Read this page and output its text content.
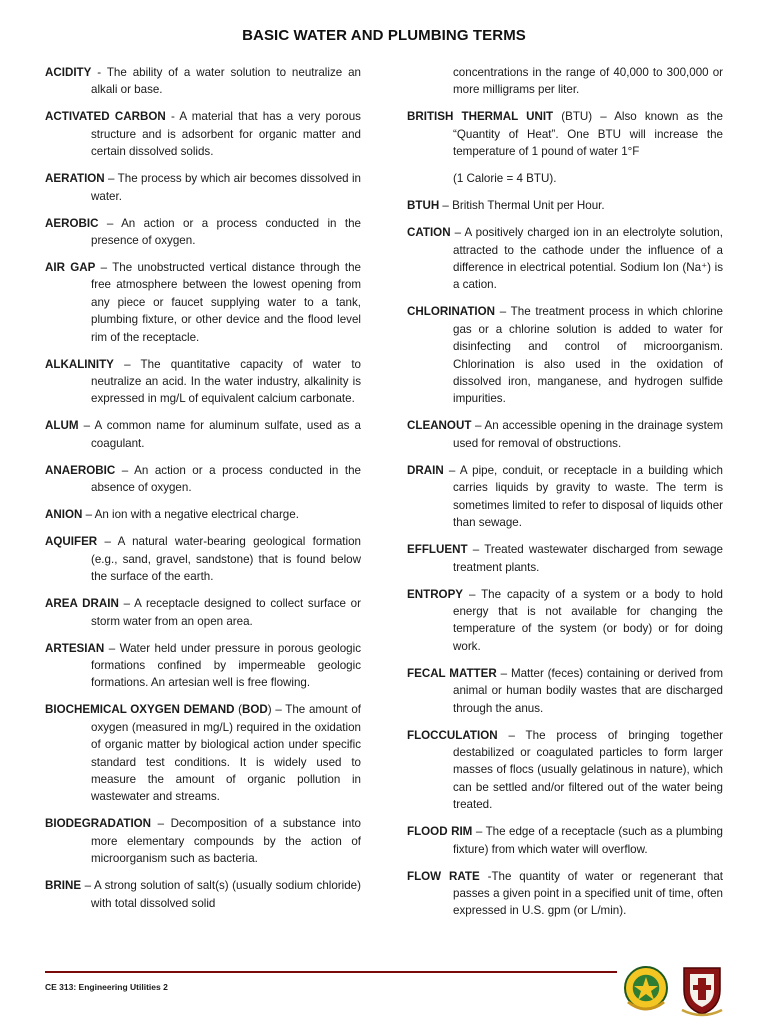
BASIC WATER AND PLUMBING TERMS

ACIDITY - The ability of a water solution to neutralize an alkali or base.

ACTIVATED CARBON - A material that has a very porous structure and is adsorbent for organic matter and certain dissolved solids.

AERATION – The process by which air becomes dissolved in water.

AEROBIC – An action or a process conducted in the presence of oxygen.

AIR GAP – The unobstructed vertical distance through the free atmosphere between the lowest opening from any piece or faucet supplying water to a tank, plumbing fixture, or other device and the flood level rim of the receptacle.

ALKALINITY – The quantitative capacity of water to neutralize an acid. In the water industry, alkalinity is expressed in mg/L of equivalent calcium carbonate.

ALUM – A common name for aluminum sulfate, used as a coagulant.

ANAEROBIC – An action or a process conducted in the absence of oxygen.

ANION – An ion with a negative electrical charge.

AQUIFER – A natural water-bearing geological formation (e.g., sand, gravel, sandstone) that is found below the surface of the earth.

AREA DRAIN – A receptacle designed to collect surface or storm water from an open area.

ARTESIAN – Water held under pressure in porous geologic formations confined by impermeable geologic formations. An artesian well is free flowing.

BIOCHEMICAL OXYGEN DEMAND (BOD) – The amount of oxygen (measured in mg/L) required in the oxidation of organic matter by biological action under specific standard test conditions. It is widely used to measure the amount of organic pollution in wastewater and streams.

BIODEGRADATION – Decomposition of a substance into more elementary compounds by the action of microorganism such as bacteria.

BRINE – A strong solution of salt(s) (usually sodium chloride) with total dissolved solid

concentrations in the range of 40,000 to 300,000 or more milligrams per liter.

BRITISH THERMAL UNIT (BTU) – Also known as the “Quantity of Heat”. One BTU will increase the temperature of 1 pound of water 1°F

(1 Calorie = 4 BTU).

BTUH – British Thermal Unit per Hour.

CATION – A positively charged ion in an electrolyte solution, attracted to the cathode under the influence of a difference in electrical potential. Sodium Ion (Na⁺) is a cation.

CHLORINATION – The treatment process in which chlorine gas or a chlorine solution is added to water for disinfecting and control of microorganism. Chlorination is also used in the oxidation of dissolved iron, manganese, and hydrogen sulfide impurities.

CLEANOUT – An accessible opening in the drainage system used for removal of obstructions.

DRAIN – A pipe, conduit, or receptacle in a building which carries liquids by gravity to waste. The term is sometimes limited to refer to disposal of liquids other than sewage.

EFFLUENT – Treated wastewater discharged from sewage treatment plants.

ENTROPY – The capacity of a system or a body to hold energy that is not available for changing the temperature of the system (or body) or for doing work.

FECAL MATTER – Matter (feces) containing or derived from animal or human bodily wastes that are discharged through the anus.

FLOCCULATION – The process of bringing together destabilized or coagulated particles to form larger masses of flocs (usually gelatinous in nature), which can be settled and/or filtered out of the water being treated.

FLOOD RIM – The edge of a receptacle (such as a plumbing fixture) from which water will overflow.

FLOW RATE -The quantity of water or regenerant that passes a given point in a specified unit of time, often expressed in U.S. gpm (or L/min).

CE 313: Engineering Utilities 2
